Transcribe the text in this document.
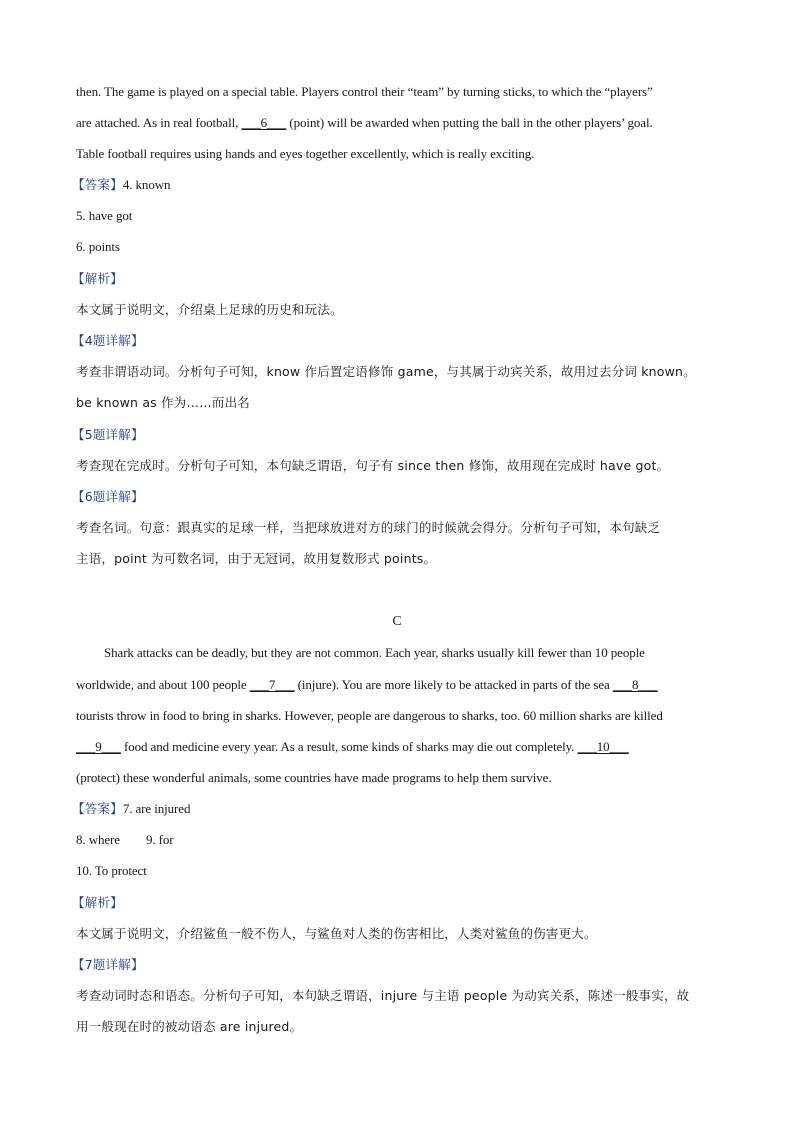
then. The game is played on a special table. Players control their “team” by turning sticks, to which the “players”
are attached. As in real football, ___6___ (point) will be awarded when putting the ball in the other players’ goal.
Table football requires using hands and eyes together excellently, which is really exciting.
【答案】4. known
5. have got
6. points
【解析】
本文属于说明文，介绍桌上足球的历史和玩法。
【4题详解】
考查非谓语动词。分析句子可知，know 作后置定语修饰 game，与其属于动宾关系，故用过去分词 known。
be known as 作为……而出名
【5题详解】
考查现在完成时。分析句子可知，本句缺乏谓语，句子有 since then 修饰，故用现在完成时 have got。
【6题详解】
考查名词。句意：跟真实的足球一样，当把球放进对方的球门的时候就会得分。分析句子可知，本句缺乏
主语，point 为可数名词，由于无冠词，故用复数形式 points。
C
Shark attacks can be deadly, but they are not common. Each year, sharks usually kill fewer than 10 people
worldwide, and about 100 people ___7___ (injure). You are more likely to be attacked in parts of the sea ___8___
tourists throw in food to bring in sharks. However, people are dangerous to sharks, too. 60 million sharks are killed
___9___ food and medicine every year. As a result, some kinds of sharks may die out completely. ___10___
(protect) these wonderful animals, some countries have made programs to help them survive.
【答案】7. are injured
8. where 9. for
10. To protect
【解析】
本文属于说明文，介绍鲨鱼一般不伤人，与鲨鱼对人类的伤害相比，人类对鲨鱼的伤害更大。
【7题详解】
考查动词时态和语态。分析句子可知，本句缺乏谓语，injure 与主语 people 为动宾关系，陈述一般事实，故
用一般现在时的被动语态 are injured。
